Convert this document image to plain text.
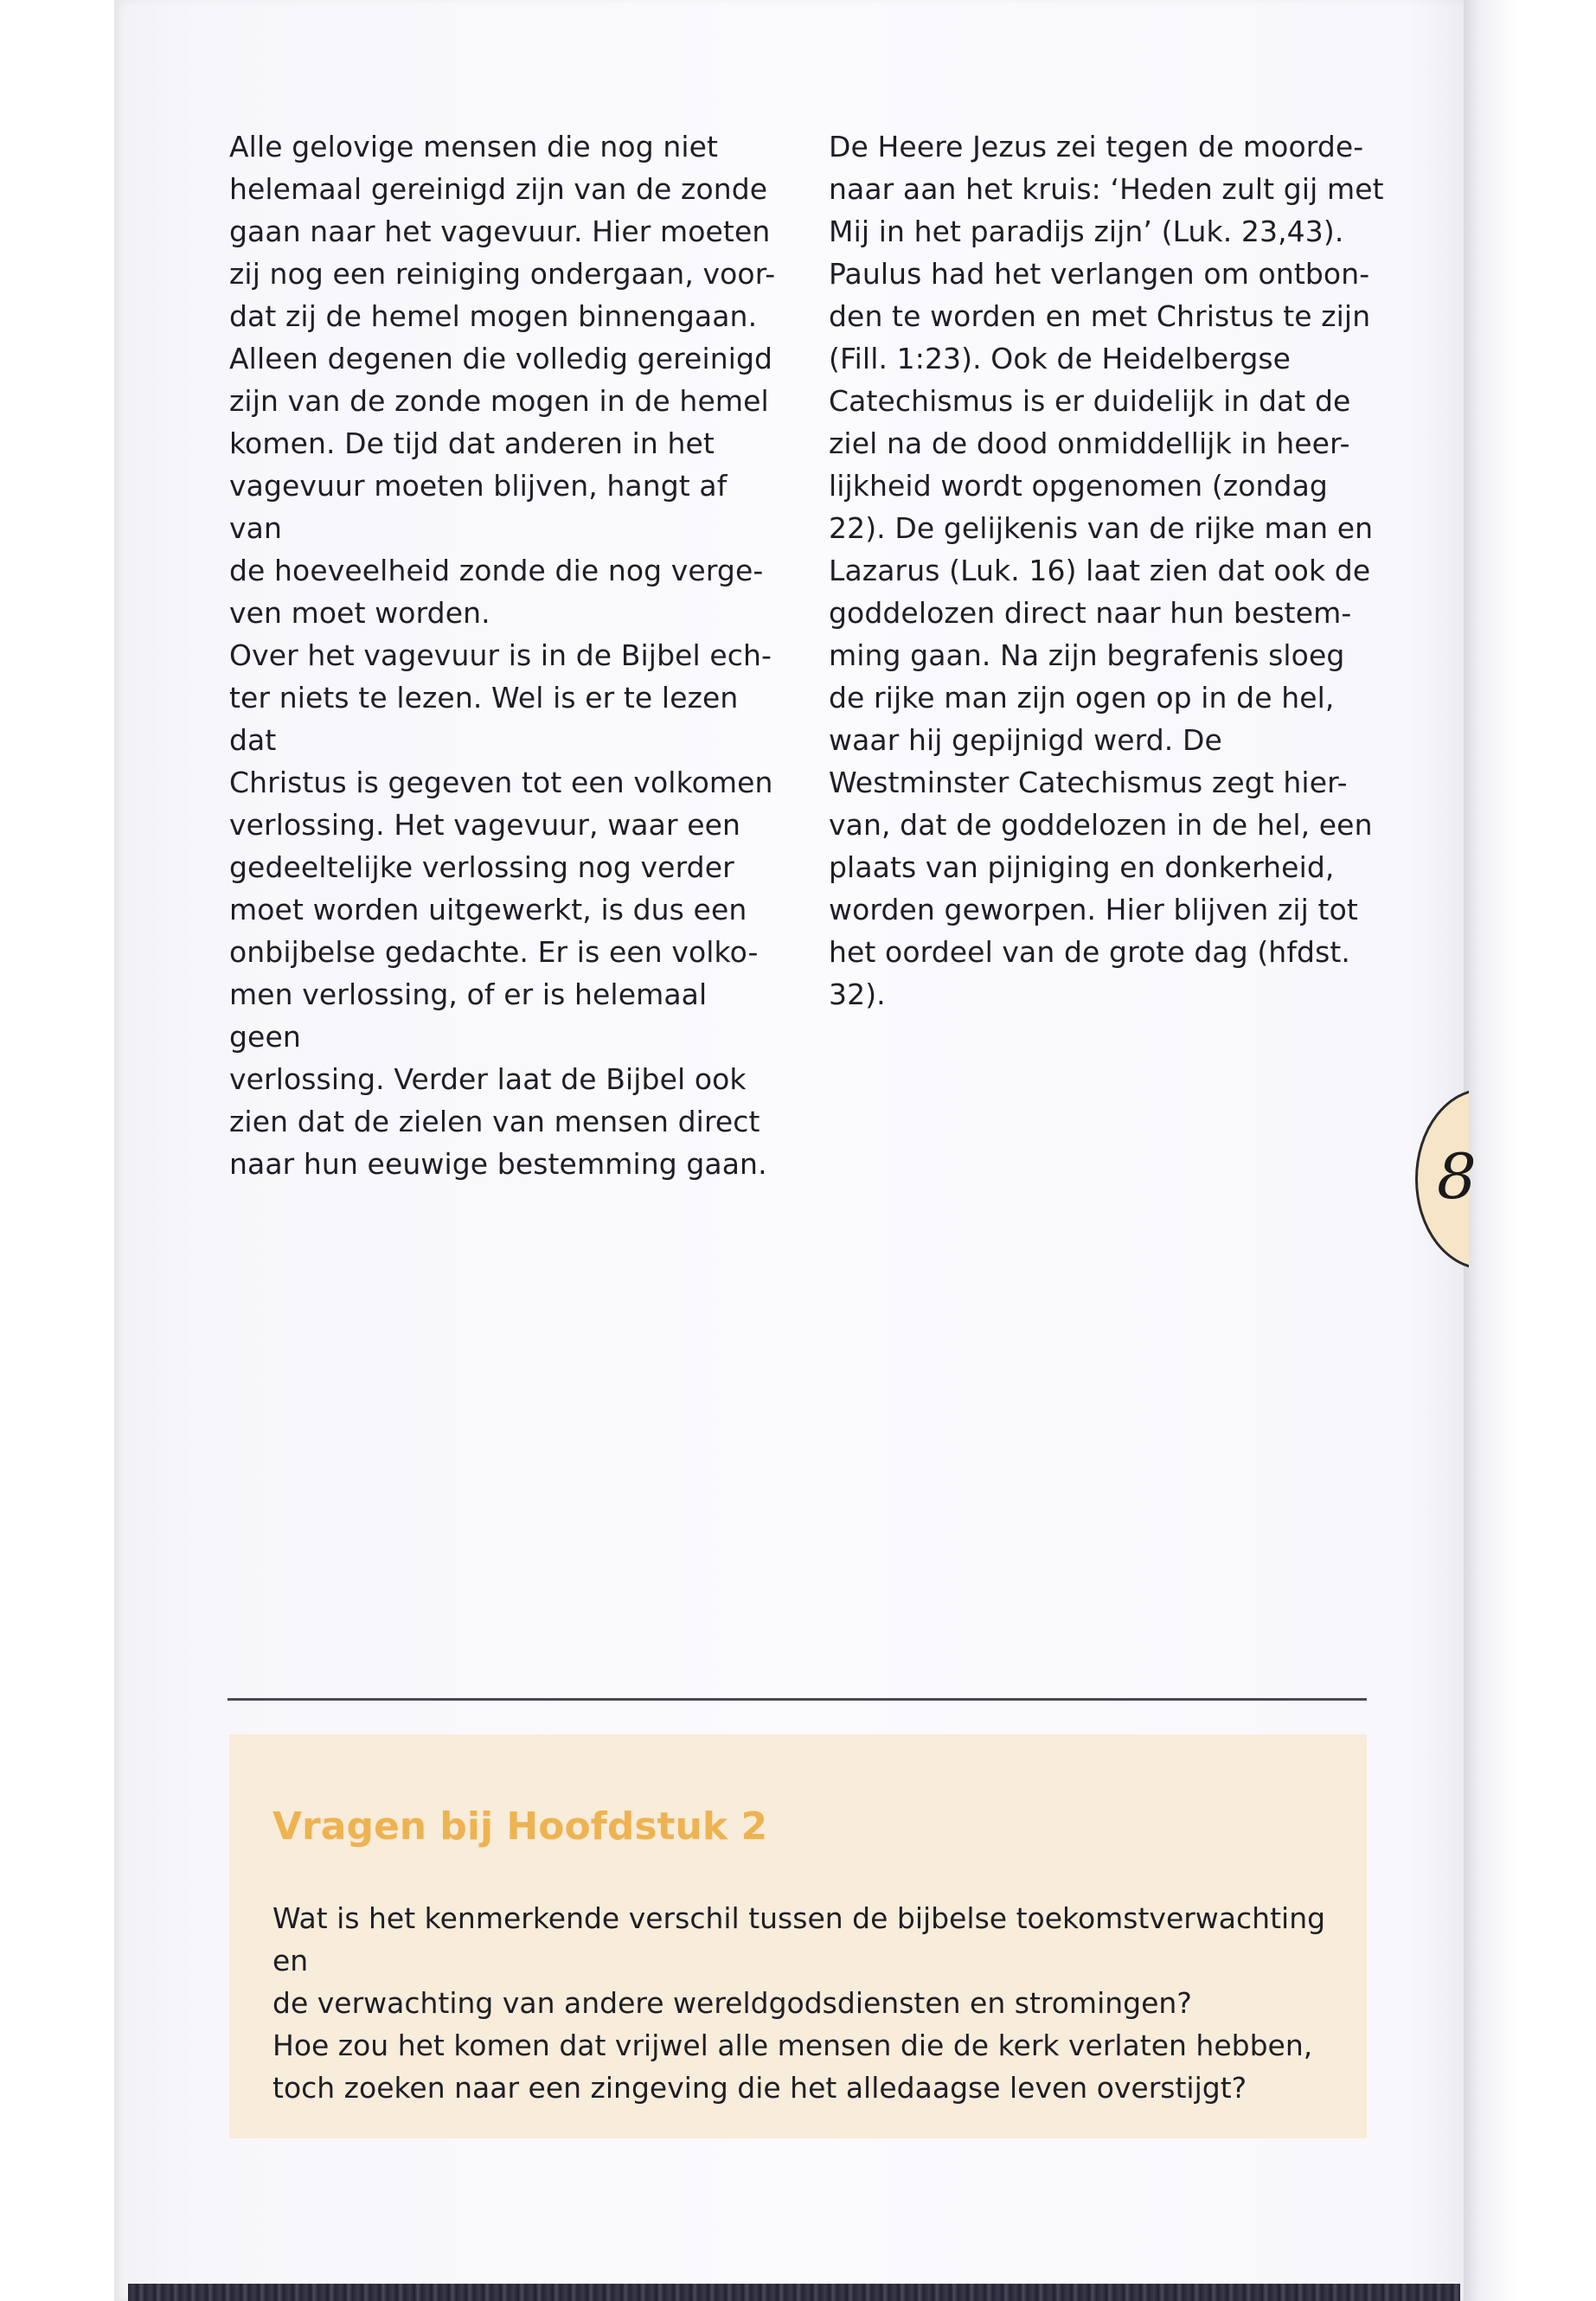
Alle gelovige mensen die nog niet
helemaal gereinigd zijn van de zonde
gaan naar het vagevuur. Hier moeten
zij nog een reiniging ondergaan, voor-
dat zij de hemel mogen binnengaan.
Alleen degenen die volledig gereinigd
zijn van de zonde mogen in de hemel
komen. De tijd dat anderen in het
vagevuur moeten blijven, hangt af van
de hoeveelheid zonde die nog verge-
ven moet worden.

Over het vagevuur is in de Bijbel ech-
ter niets te lezen. Wel is er te lezen dat
Christus is gegeven tot een volkomen
verlossing. Het vagevuur, waar een
gedeeltelijke verlossing nog verder
moet worden uitgewerkt, is dus een
onbijbelse gedachte. Er is een volko-
men verlossing, of er is helemaal geen
verlossing. Verder laat de Bijbel ook
zien dat de zielen van mensen direct
naar hun eeuwige bestemming gaan.

De Heere Jezus zei tegen de moorde-
naar aan het kruis: ‘Heden zult gij met
Mij in het paradijs zijn’ (Luk. 23,43).
Paulus had het verlangen om ontbon-
den te worden en met Christus te zijn
(Fill. 1:23). Ook de Heidelbergse
Catechismus is er duidelijk in dat de
ziel na de dood onmiddellijk in heer-
lijkheid wordt opgenomen (zondag
22). De gelijkenis van de rijke man en
Lazarus (Luk. 16) laat zien dat ook de
goddelozen direct naar hun bestem-
ming gaan. Na zijn begrafenis sloeg
de rijke man zijn ogen op in de hel,
waar hij gepijnigd werd. De
Westminster Catechismus zegt hier-
van, dat de goddelozen in de hel, een
plaats van pijniging en donkerheid,
worden geworpen. Hier blijven zij tot
het oordeel van de grote dag (hfdst.
32).

8
Vragen bij Hoofdstuk 2
Wat is het kenmerkende verschil tussen de bijbelse toekomstverwachting en
de verwachting van andere wereldgodsdiensten en stromingen?
Hoe zou het komen dat vrijwel alle mensen die de kerk verlaten hebben,
toch zoeken naar een zingeving die het alledaagse leven overstijgt?
